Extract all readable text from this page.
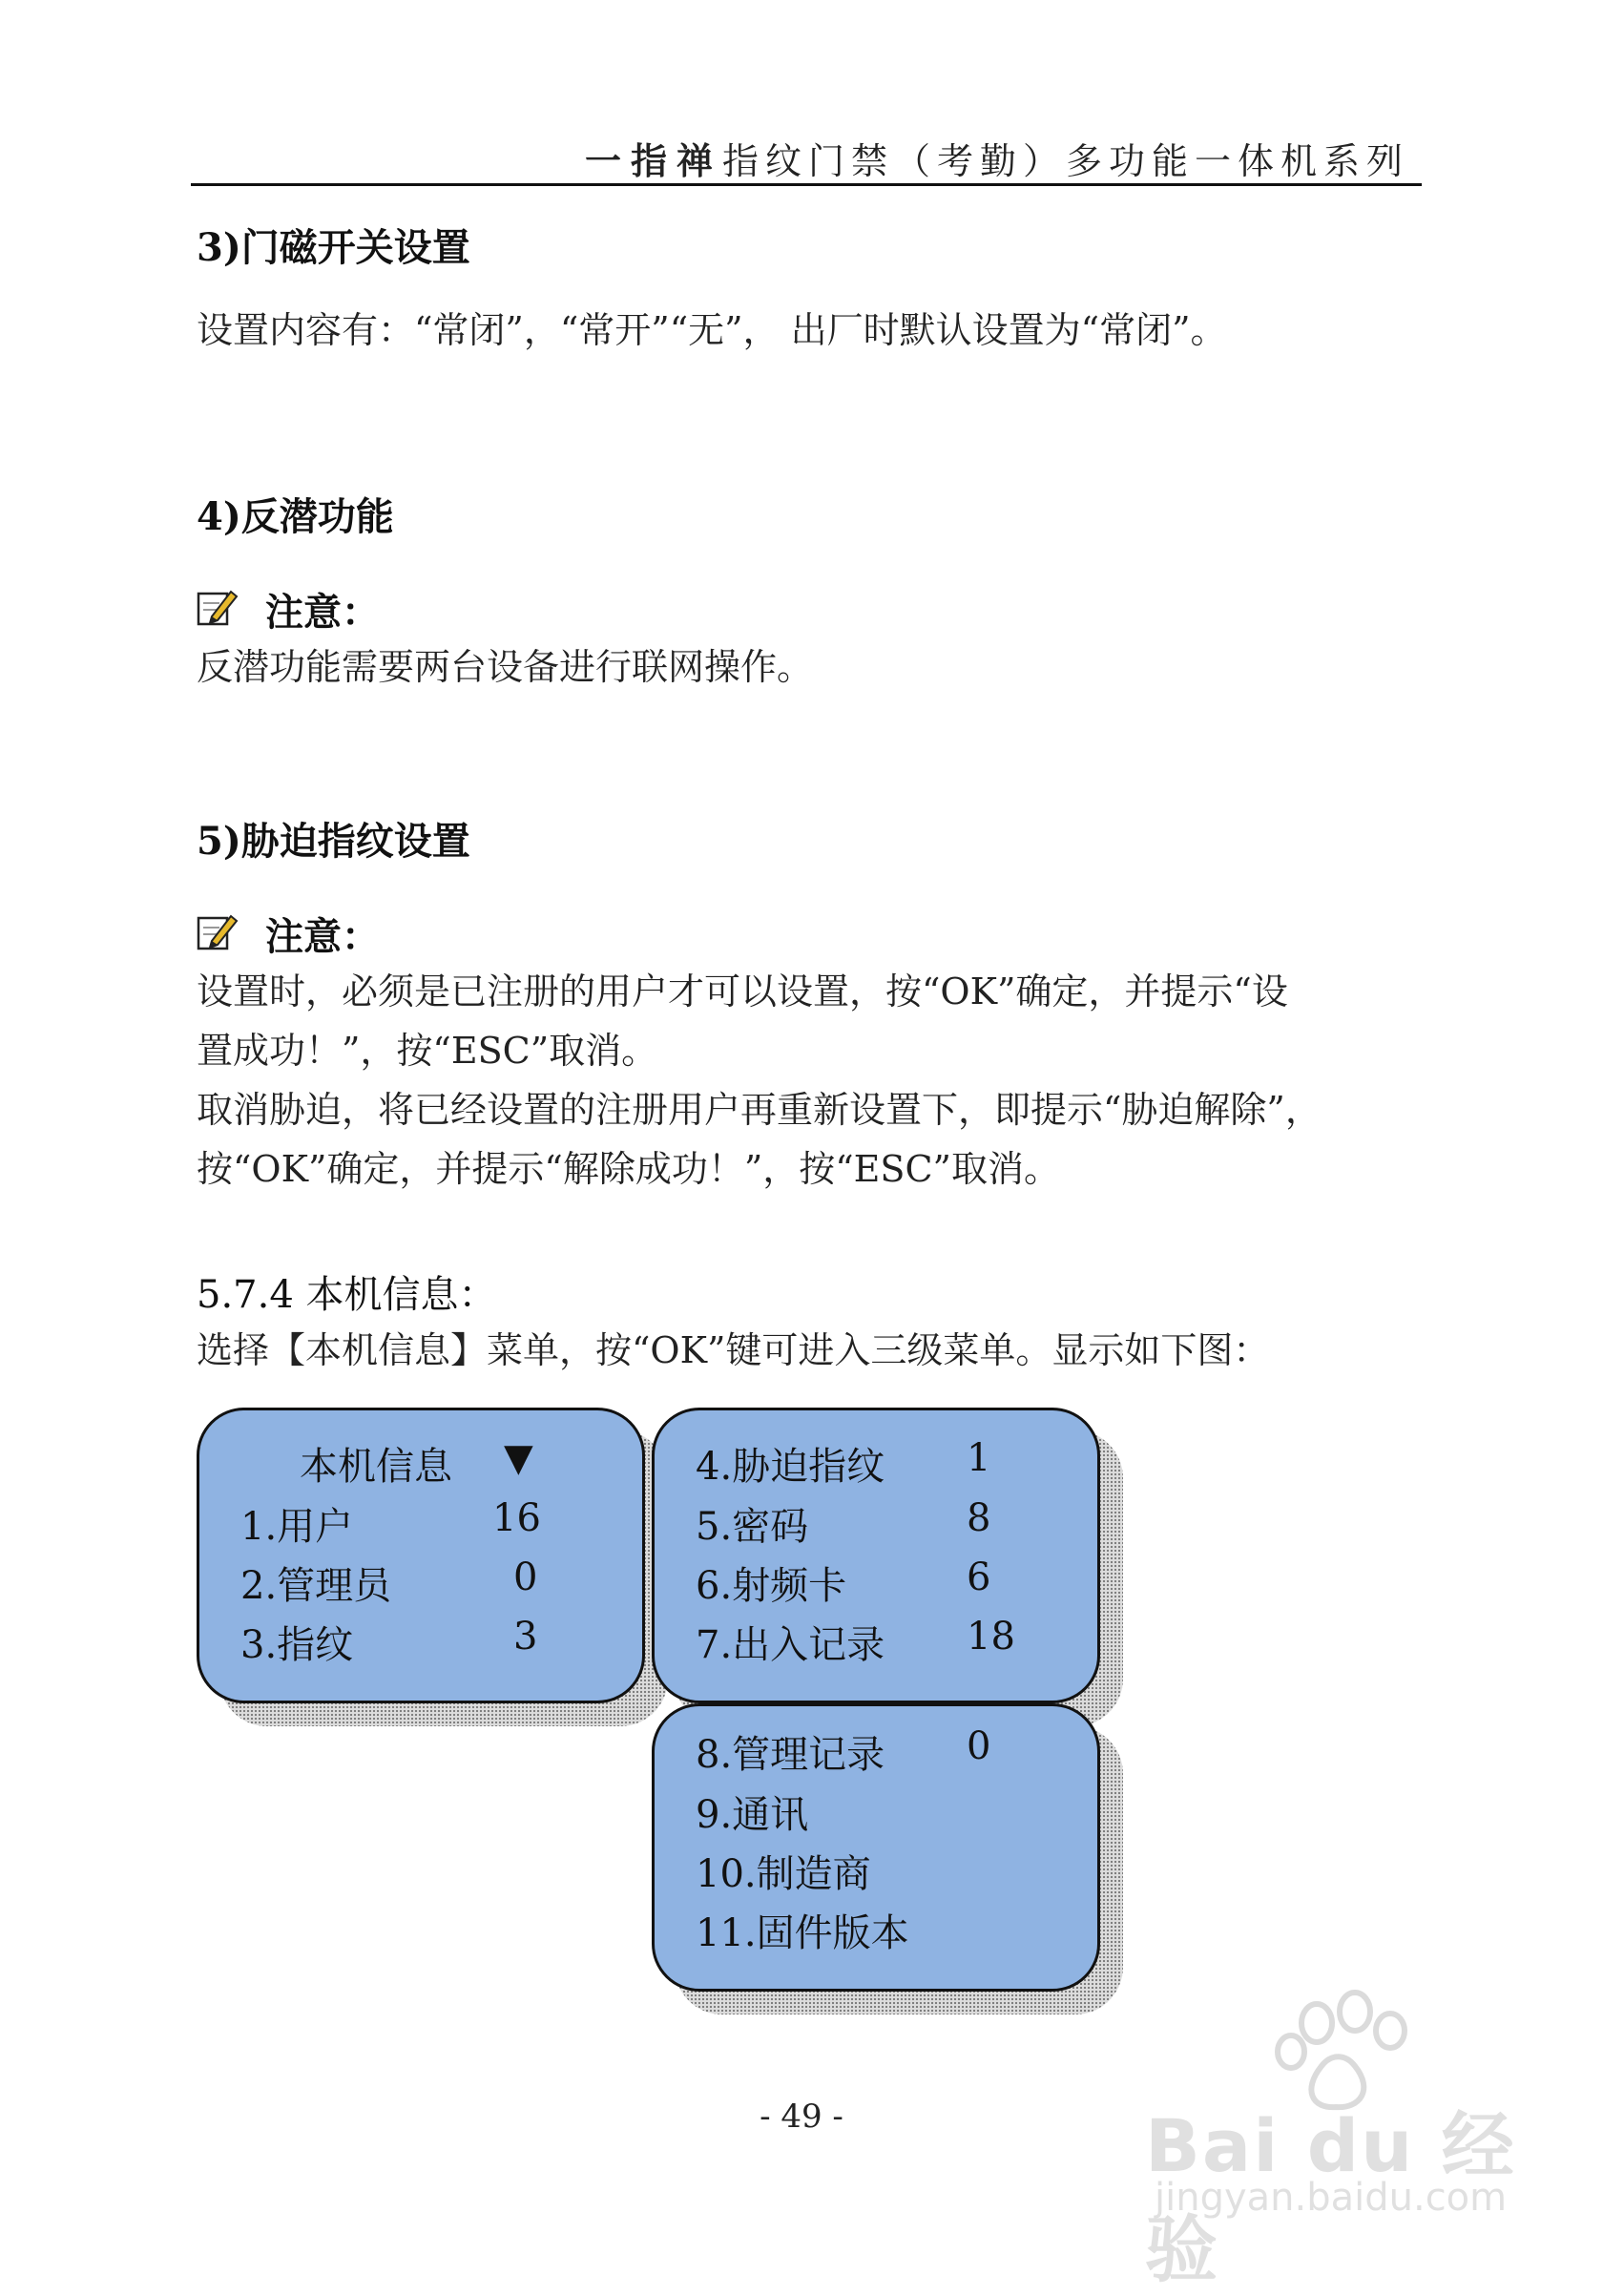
一指禅指纹门禁（考勤）多功能一体机系列
3)门磁开关设置
设置内容有：“常闭”，“常开”“无”， 出厂时默认设置为“常闭”。
4)反潜功能
注意：
反潜功能需要两台设备进行联网操作。
5)胁迫指纹设置
注意：
设置时，必须是已注册的用户才可以设置，按“OK”确定，并提示“设
置成功！”，按“ESC”取消。
取消胁迫，将已经设置的注册用户再重新设置下，即提示“胁迫解除”，
按“OK”确定，并提示“解除成功！”，按“ESC”取消。
5.7.4 本机信息：
选择【本机信息】菜单，按“OK”键可进入三级菜单。显示如下图：
本机信息 ▼
1.用户	16
2.管理员	0
3.指纹	3
4.胁迫指纹 1
5.密码	8
6.射频卡	6
7.出入记录 18
8.管理记录 0
9.通讯
10.制造商
11.固件版本
- 49 -	Bai du 经验
jingyan.baidu.com
